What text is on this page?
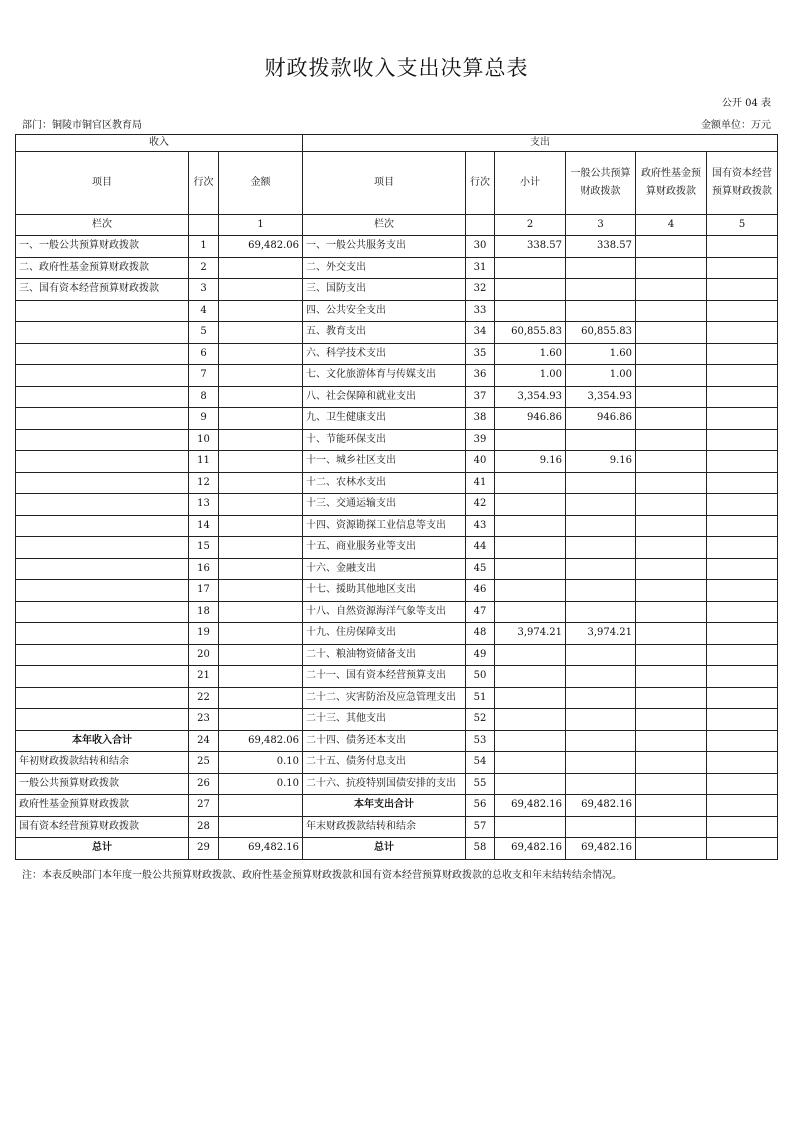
财政拨款收入支出决算总表
公开 04 表
部门：铜陵市铜官区教育局	金额单位：万元
收入			支出					
项目	行次	金额	项目	行次	小计	一般公共预算财政拨款	政府性基金预算财政拨款	国有资本经营预算财政拨款
栏次		1	栏次		2	3	4	5
一、一般公共预算财政拨款	1	69,482.06	一、一般公共服务支出	30	338.57	338.57		
二、政府性基金预算财政拨款	2		二、外交支出	31				
三、国有资本经营预算财政拨款	3		三、国防支出	32				
	4		四、公共安全支出	33				
	5		五、教育支出	34	60,855.83	60,855.83		
	6		六、科学技术支出	35	1.60	1.60		
	7		七、文化旅游体育与传媒支出	36	1.00	1.00		
	8		八、社会保障和就业支出	37	3,354.93	3,354.93		
	9		九、卫生健康支出	38	946.86	946.86		
	10		十、节能环保支出	39				
	11		十一、城乡社区支出	40	9.16	9.16		
	12		十二、农林水支出	41				
	13		十三、交通运输支出	42				
	14		十四、资源勘探工业信息等支出	43				
	15		十五、商业服务业等支出	44				
	16		十六、金融支出	45				
	17		十七、援助其他地区支出	46				
	18		十八、自然资源海洋气象等支出	47				
	19		十九、住房保障支出	48	3,974.21	3,974.21		
	20		二十、粮油物资储备支出	49				
	21		二十一、国有资本经营预算支出	50				
	22		二十二、灾害防治及应急管理支出	51				
	23		二十三、其他支出	52				
本年收入合计	24	69,482.06	二十四、债务还本支出	53				
年初财政拨款结转和结余	25	0.10	二十五、债务付息支出	54				
一般公共预算财政拨款	26	0.10	二十六、抗疫特别国债安排的支出	55				
政府性基金预算财政拨款	27		本年支出合计	56	69,482.16	69,482.16		
国有资本经营预算财政拨款	28		年末财政拨款结转和结余	57				
总计	29	69,482.16	总计	58	69,482.16	69,482.16		
注：本表反映部门本年度一般公共预算财政拨款、政府性基金预算财政拨款和国有资本经营预算财政拨款的总收支和年末结转结余情况。
